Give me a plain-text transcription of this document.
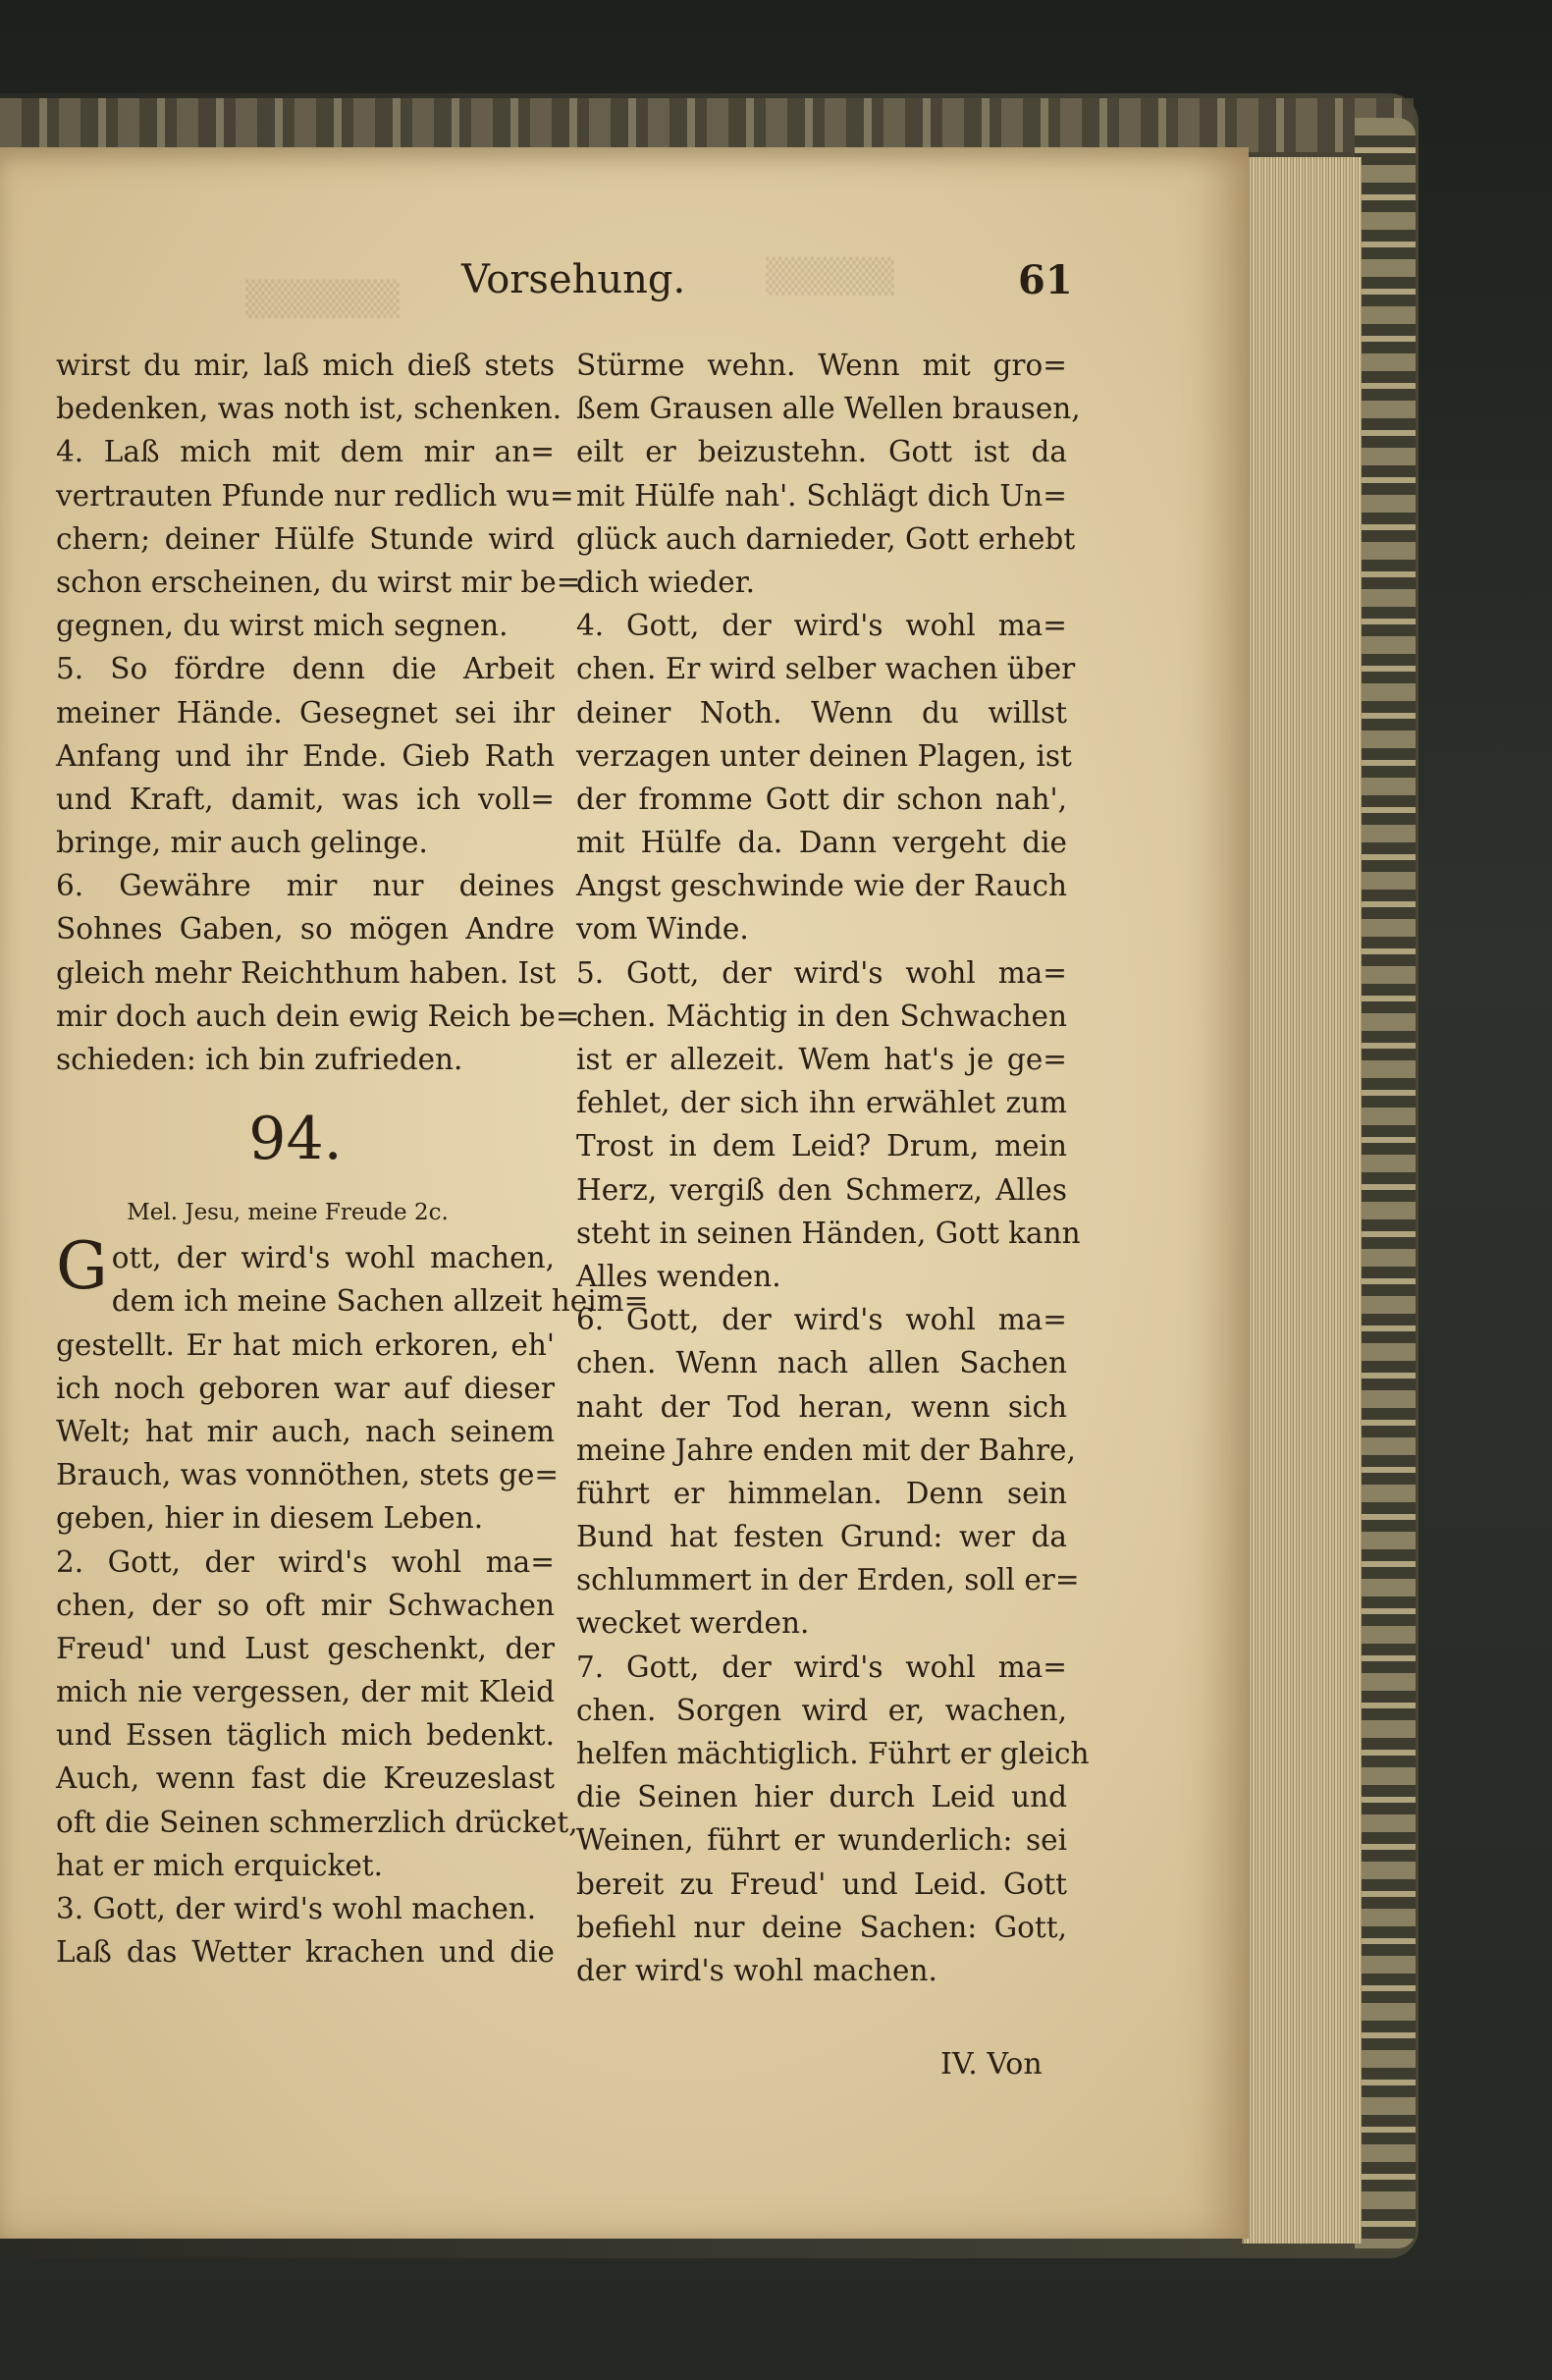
▒▒▒▒▒▒
▒▒▒▒▒
Vorsehung.	61
wirst du mir, laß mich dieß stets
bedenken, was noth ist, schenken.
4. Laß mich mit dem mir an=
vertrauten Pfunde nur redlich wu=
chern; deiner Hülfe Stunde wird
schon erscheinen, du wirst mir be=
gegnen, du wirst mich segnen.
5. So fördre denn die Arbeit
meiner Hände. Gesegnet sei ihr
Anfang und ihr Ende. Gieb Rath
und Kraft, damit, was ich voll=
bringe, mir auch gelinge.
6. Gewähre mir nur deines
Sohnes Gaben, so mögen Andre
gleich mehr Reichthum haben. Ist
mir doch auch dein ewig Reich be=
schieden: ich bin zufrieden.
94.
Mel. Jesu, meine Freude 2c.
G ott, der wird's wohl machen,
dem ich meine Sachen allzeit heim=
gestellt. Er hat mich erkoren, eh'
ich noch geboren war auf dieser
Welt; hat mir auch, nach seinem
Brauch, was vonnöthen, stets ge=
geben, hier in diesem Leben.
2. Gott, der wird's wohl ma=
chen, der so oft mir Schwachen
Freud' und Lust geschenkt, der
mich nie vergessen, der mit Kleid
und Essen täglich mich bedenkt.
Auch, wenn fast die Kreuzeslast
oft die Seinen schmerzlich drücket,
hat er mich erquicket.
3. Gott, der wird's wohl machen.
Laß das Wetter krachen und die
Stürme wehn. Wenn mit gro=
ßem Grausen alle Wellen brausen,
eilt er beizustehn. Gott ist da
mit Hülfe nah'. Schlägt dich Un=
glück auch darnieder, Gott erhebt
dich wieder.
4. Gott, der wird's wohl ma=
chen. Er wird selber wachen über
deiner Noth. Wenn du willst
verzagen unter deinen Plagen, ist
der fromme Gott dir schon nah',
mit Hülfe da. Dann vergeht die
Angst geschwinde wie der Rauch
vom Winde.
5. Gott, der wird's wohl ma=
chen. Mächtig in den Schwachen
ist er allezeit. Wem hat's je ge=
fehlet, der sich ihn erwählet zum
Trost in dem Leid? Drum, mein
Herz, vergiß den Schmerz, Alles
steht in seinen Händen, Gott kann
Alles wenden.
6. Gott, der wird's wohl ma=
chen. Wenn nach allen Sachen
naht der Tod heran, wenn sich
meine Jahre enden mit der Bahre,
führt er himmelan. Denn sein
Bund hat festen Grund: wer da
schlummert in der Erden, soll er=
wecket werden.
7. Gott, der wird's wohl ma=
chen. Sorgen wird er, wachen,
helfen mächtiglich. Führt er gleich
die Seinen hier durch Leid und
Weinen, führt er wunderlich: sei
bereit zu Freud' und Leid. Gott
befiehl nur deine Sachen: Gott,
der wird's wohl machen.
IV. Von
